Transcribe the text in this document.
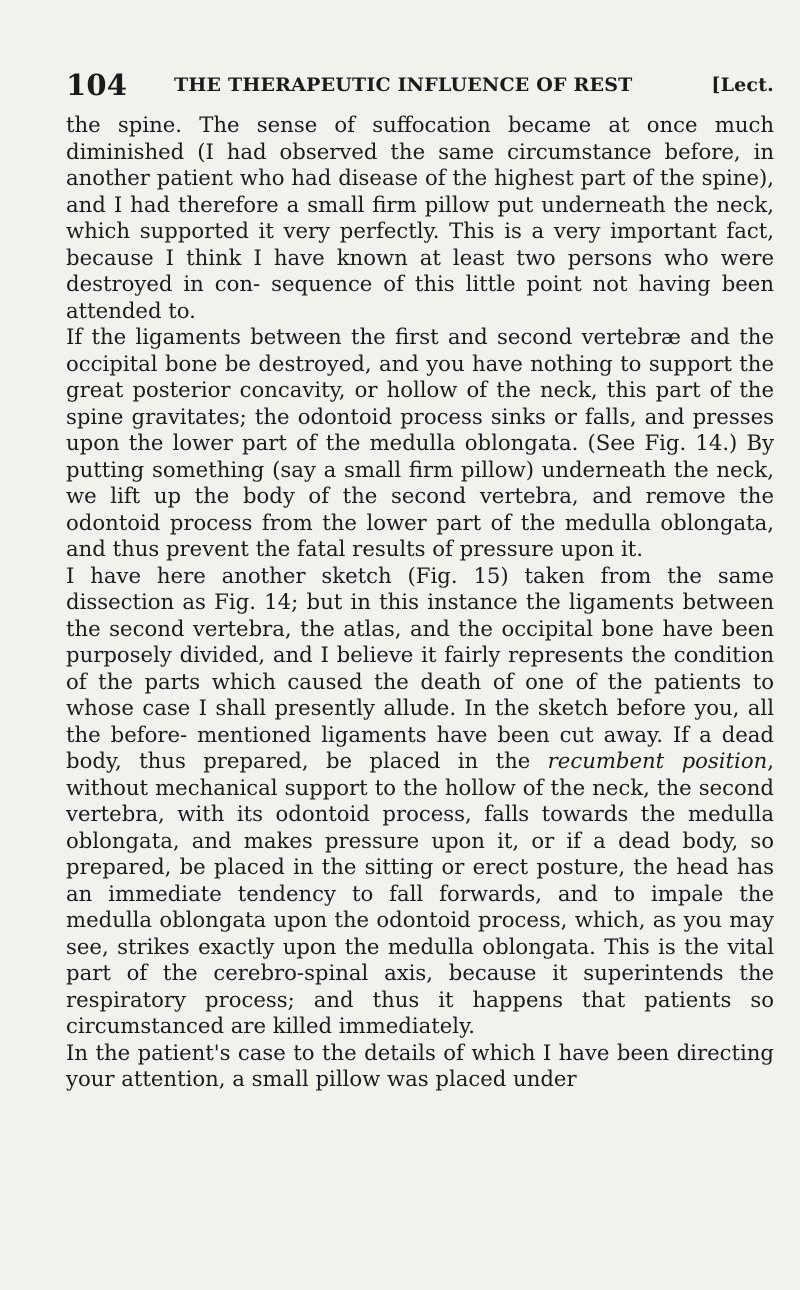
104 THE THERAPEUTIC INFLUENCE OF REST	[Lect.

the spine. The sense of suffocation became at once much diminished (I had observed the same circumstance before, in another patient who had disease of the highest part of the spine), and I had therefore a small firm pillow put underneath the neck, which supported it very perfectly. This is a very important fact, because I think I have known at least two persons who were destroyed in con- sequence of this little point not having been attended to.

If the ligaments between the first and second vertebræ and the occipital bone be destroyed, and you have nothing to support the great posterior concavity, or hollow of the neck, this part of the spine gravitates; the odontoid process sinks or falls, and presses upon the lower part of the medulla oblongata. (See Fig. 14.) By putting something (say a small firm pillow) underneath the neck, we lift up the body of the second vertebra, and remove the odontoid process from the lower part of the medulla oblongata, and thus prevent the fatal results of pressure upon it.

I have here another sketch (Fig. 15) taken from the same dissection as Fig. 14; but in this instance the ligaments between the second vertebra, the atlas, and the occipital bone have been purposely divided, and I believe it fairly represents the condition of the parts which caused the death of one of the patients to whose case I shall presently allude. In the sketch before you, all the before- mentioned ligaments have been cut away. If a dead body, thus prepared, be placed in the recumbent position, without mechanical support to the hollow of the neck, the second vertebra, with its odontoid process, falls towards the medulla oblongata, and makes pressure upon it, or if a dead body, so prepared, be placed in the sitting or erect posture, the head has an immediate tendency to fall forwards, and to impale the medulla oblongata upon the odontoid process, which, as you may see, strikes exactly upon the medulla oblongata. This is the vital part of the cerebro-spinal axis, because it superintends the respiratory process; and thus it happens that patients so circumstanced are killed immediately.

In the patient's case to the details of which I have been directing your attention, a small pillow was placed under
